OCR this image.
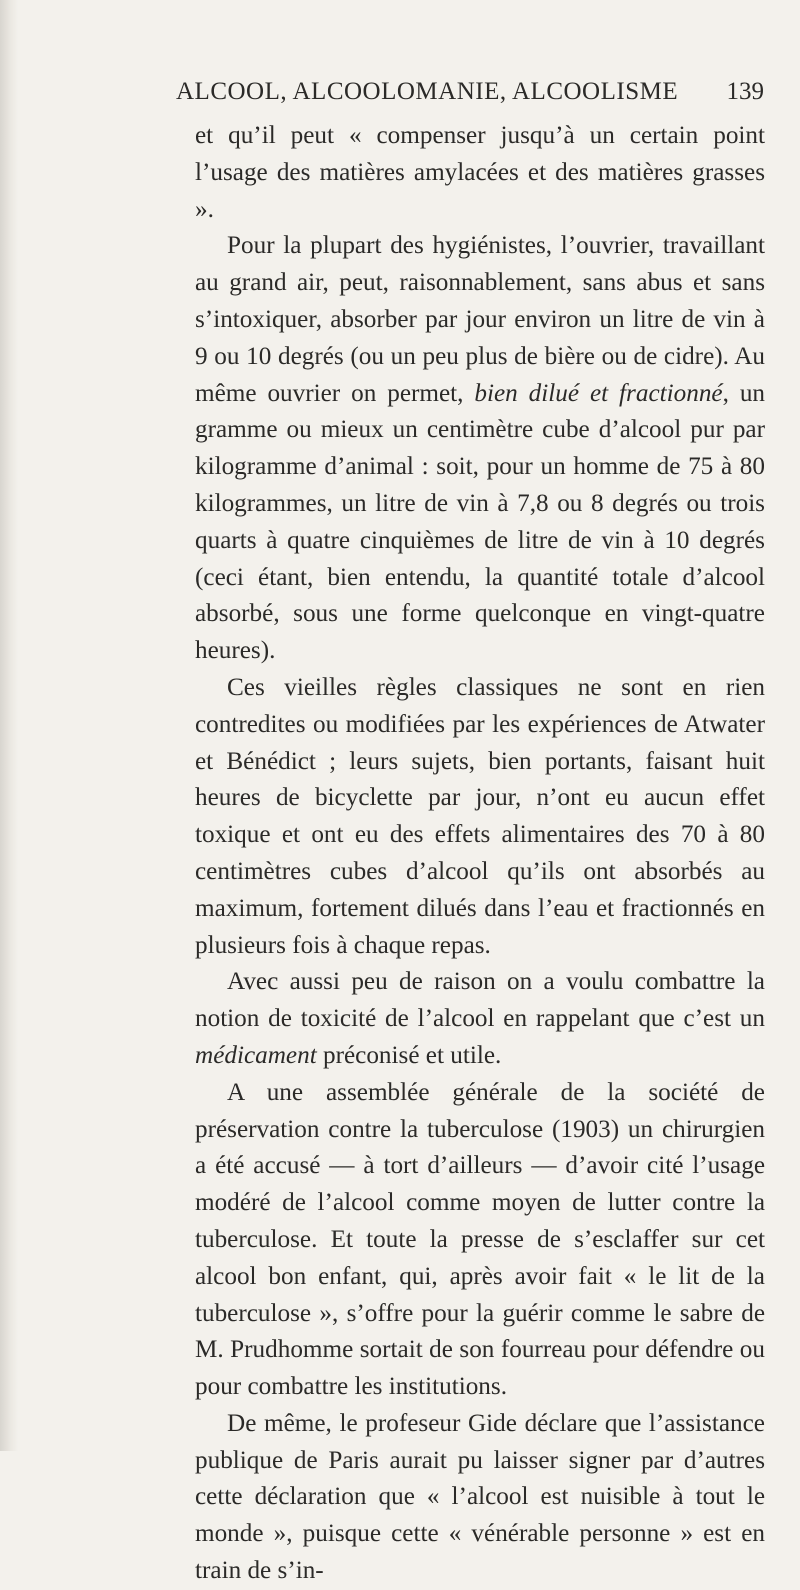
ALCOOL, ALCOOLOMANIE, ALCOOLISME 139

et qu’il peut « compenser jusqu’à un certain point l’usage des matières amylacées et des matières grasses ».

Pour la plupart des hygiénistes, l’ouvrier, travaillant au grand air, peut, raisonnablement, sans abus et sans s’intoxiquer, absorber par jour environ un litre de vin à 9 ou 10 degrés (ou un peu plus de bière ou de cidre). Au même ouvrier on permet, bien dilué et fractionné, un gramme ou mieux un centimètre cube d’alcool pur par kilogramme d’animal : soit, pour un homme de 75 à 80 kilogrammes, un litre de vin à 7,8 ou 8 degrés ou trois quarts à quatre cinquièmes de litre de vin à 10 degrés (ceci étant, bien entendu, la quantité totale d’alcool absorbé, sous une forme quelconque en vingt-quatre heures).

Ces vieilles règles classiques ne sont en rien contredites ou modifiées par les expériences de Atwater et Bénédict ; leurs sujets, bien portants, faisant huit heures de bicyclette par jour, n’ont eu aucun effet toxique et ont eu des effets alimentaires des 70 à 80 centimètres cubes d’alcool qu’ils ont absorbés au maximum, fortement dilués dans l’eau et fractionnés en plusieurs fois à chaque repas.

Avec aussi peu de raison on a voulu combattre la notion de toxicité de l’alcool en rappelant que c’est un médicament préconisé et utile.

A une assemblée générale de la société de préservation contre la tuberculose (1903) un chirurgien a été accusé — à tort d’ailleurs — d’avoir cité l’usage modéré de l’alcool comme moyen de lutter contre la tuberculose. Et toute la presse de s’esclaffer sur cet alcool bon enfant, qui, après avoir fait « le lit de la tuberculose », s’offre pour la guérir comme le sabre de M. Prudhomme sortait de son fourreau pour défendre ou pour combattre les institutions.

De même, le profeseur Gide déclare que l’assistance publique de Paris aurait pu laisser signer par d’autres cette déclaration que « l’alcool est nuisible à tout le monde », puisque cette « vénérable personne » est en train de s’in-
